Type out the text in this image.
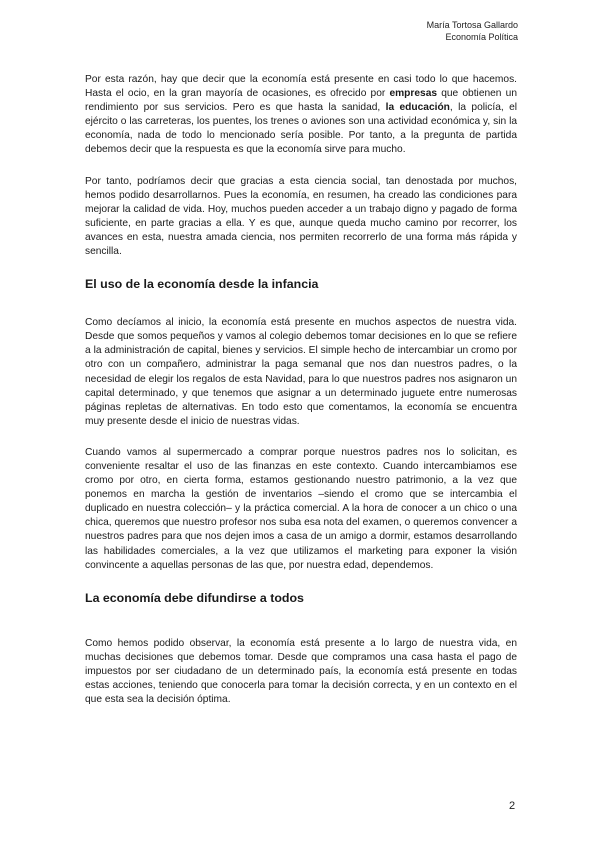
María Tortosa Gallardo
Economía Política

Por esta razón, hay que decir que la economía está presente en casi todo lo que hacemos. Hasta el ocio, en la gran mayoría de ocasiones, es ofrecido por empresas que obtienen un rendimiento por sus servicios. Pero es que hasta la sanidad, la educación, la policía, el ejército o las carreteras, los puentes, los trenes o aviones son una actividad económica y, sin la economía, nada de todo lo mencionado sería posible. Por tanto, a la pregunta de partida debemos decir que la respuesta es que la economía sirve para mucho.

Por tanto, podríamos decir que gracias a esta ciencia social, tan denostada por muchos, hemos podido desarrollarnos. Pues la economía, en resumen, ha creado las condiciones para mejorar la calidad de vida. Hoy, muchos pueden acceder a un trabajo digno y pagado de forma suficiente, en parte gracias a ella. Y es que, aunque queda mucho camino por recorrer, los avances en esta, nuestra amada ciencia, nos permiten recorrerlo de una forma más rápida y sencilla.

El uso de la economía desde la infancia

Como decíamos al inicio, la economía está presente en muchos aspectos de nuestra vida. Desde que somos pequeños y vamos al colegio debemos tomar decisiones en lo que se refiere a la administración de capital, bienes y servicios. El simple hecho de intercambiar un cromo por otro con un compañero, administrar la paga semanal que nos dan nuestros padres, o la necesidad de elegir los regalos de esta Navidad, para lo que nuestros padres nos asignaron un capital determinado, y que tenemos que asignar a un determinado juguete entre numerosas páginas repletas de alternativas. En todo esto que comentamos, la economía se encuentra muy presente desde el inicio de nuestras vidas.

Cuando vamos al supermercado a comprar porque nuestros padres nos lo solicitan, es conveniente resaltar el uso de las finanzas en este contexto. Cuando intercambiamos ese cromo por otro, en cierta forma, estamos gestionando nuestro patrimonio, a la vez que ponemos en marcha la gestión de inventarios –siendo el cromo que se intercambia el duplicado en nuestra colección– y la práctica comercial. A la hora de conocer a un chico o una chica, queremos que nuestro profesor nos suba esa nota del examen, o queremos convencer a nuestros padres para que nos dejen imos a casa de un amigo a dormir, estamos desarrollando las habilidades comerciales, a la vez que utilizamos el marketing para exponer la visión convincente a aquellas personas de las que, por nuestra edad, dependemos.

La economía debe difundirse a todos

Como hemos podido observar, la economía está presente a lo largo de nuestra vida, en muchas decisiones que debemos tomar. Desde que compramos una casa hasta el pago de impuestos por ser ciudadano de un determinado país, la economía está presente en todas estas acciones, teniendo que conocerla para tomar la decisión correcta, y en un contexto en el que esta sea la decisión óptima.

2
